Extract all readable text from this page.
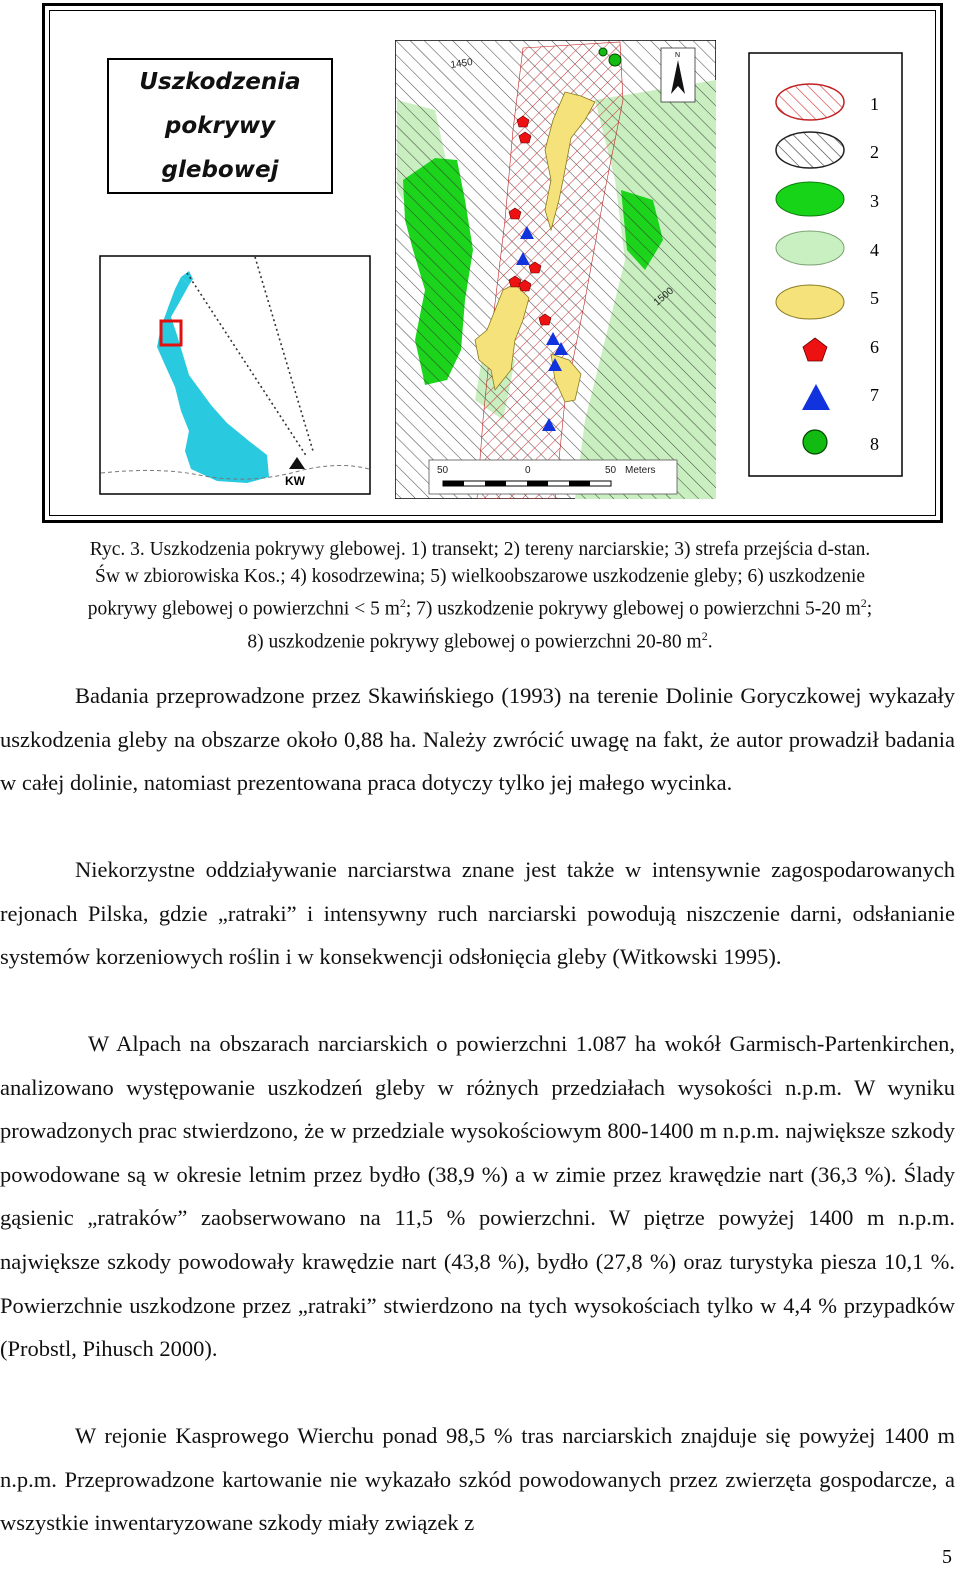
Uszkodzenia
pokrywy
glebowej
KW
1450
1500
N
50	0	50 Meters
1
2
3
4
5
6
7
8
Ryc. 3. Uszkodzenia pokrywy glebowej. 1) transekt; 2) tereny narciarskie; 3) strefa przejścia d-stan.
Św w zbiorowiska Kos.; 4) kosodrzewina; 5) wielkoobszarowe uszkodzenie gleby; 6) uszkodzenie
pokrywy glebowej o powierzchni < 5 $m^2$; 7) uszkodzenie pokrywy glebowej o powierzchni 5-20 $m^2$;
8) uszkodzenie pokrywy glebowej o powierzchni 20-80 $m^2$.

Badania przeprowadzone przez Skawińskiego (1993) na terenie Dolinie Goryczkowej wykazały uszkodzenia gleby na obszarze około 0,88 ha. Należy zwrócić uwagę na fakt, że autor prowadził badania w całej dolinie, natomiast prezentowana praca dotyczy tylko jej małego wycinka.

Niekorzystne oddziaływanie narciarstwa znane jest także w intensywnie zagospodarowanych rejonach Pilska, gdzie „ratraki” i intensywny ruch narciarski powodują niszczenie darni, odsłanianie systemów korzeniowych roślin i w konsekwencji odsłonięcia gleby (Witkowski 1995).

W Alpach na obszarach narciarskich o powierzchni 1.087 ha wokół Garmisch-Partenkirchen, analizowano występowanie uszkodzeń gleby w różnych przedziałach wysokości n.p.m. W wyniku prowadzonych prac stwierdzono, że w przedziale wysokościowym 800-1400 m n.p.m. największe szkody powodowane są w okresie letnim przez bydło (38,9 %) a w zimie przez krawędzie nart (36,3 %). Ślady gąsienic „ratraków” zaobserwowano na 11,5 % powierzchni. W piętrze powyżej 1400 m n.p.m. największe szkody powodowały krawędzie nart (43,8 %), bydło (27,8 %) oraz turystyka piesza 10,1 %. Powierzchnie uszkodzone przez „ratraki” stwierdzono na tych wysokościach tylko w 4,4 % przypadków (Probstl, Pihusch 2000).

W rejonie Kasprowego Wierchu ponad 98,5 % tras narciarskich znajduje się powyżej 1400 m n.p.m. Przeprowadzone kartowanie nie wykazało szkód powodowanych przez zwierzęta gospodarcze, a wszystkie inwentaryzowane szkody miały związek z

5
